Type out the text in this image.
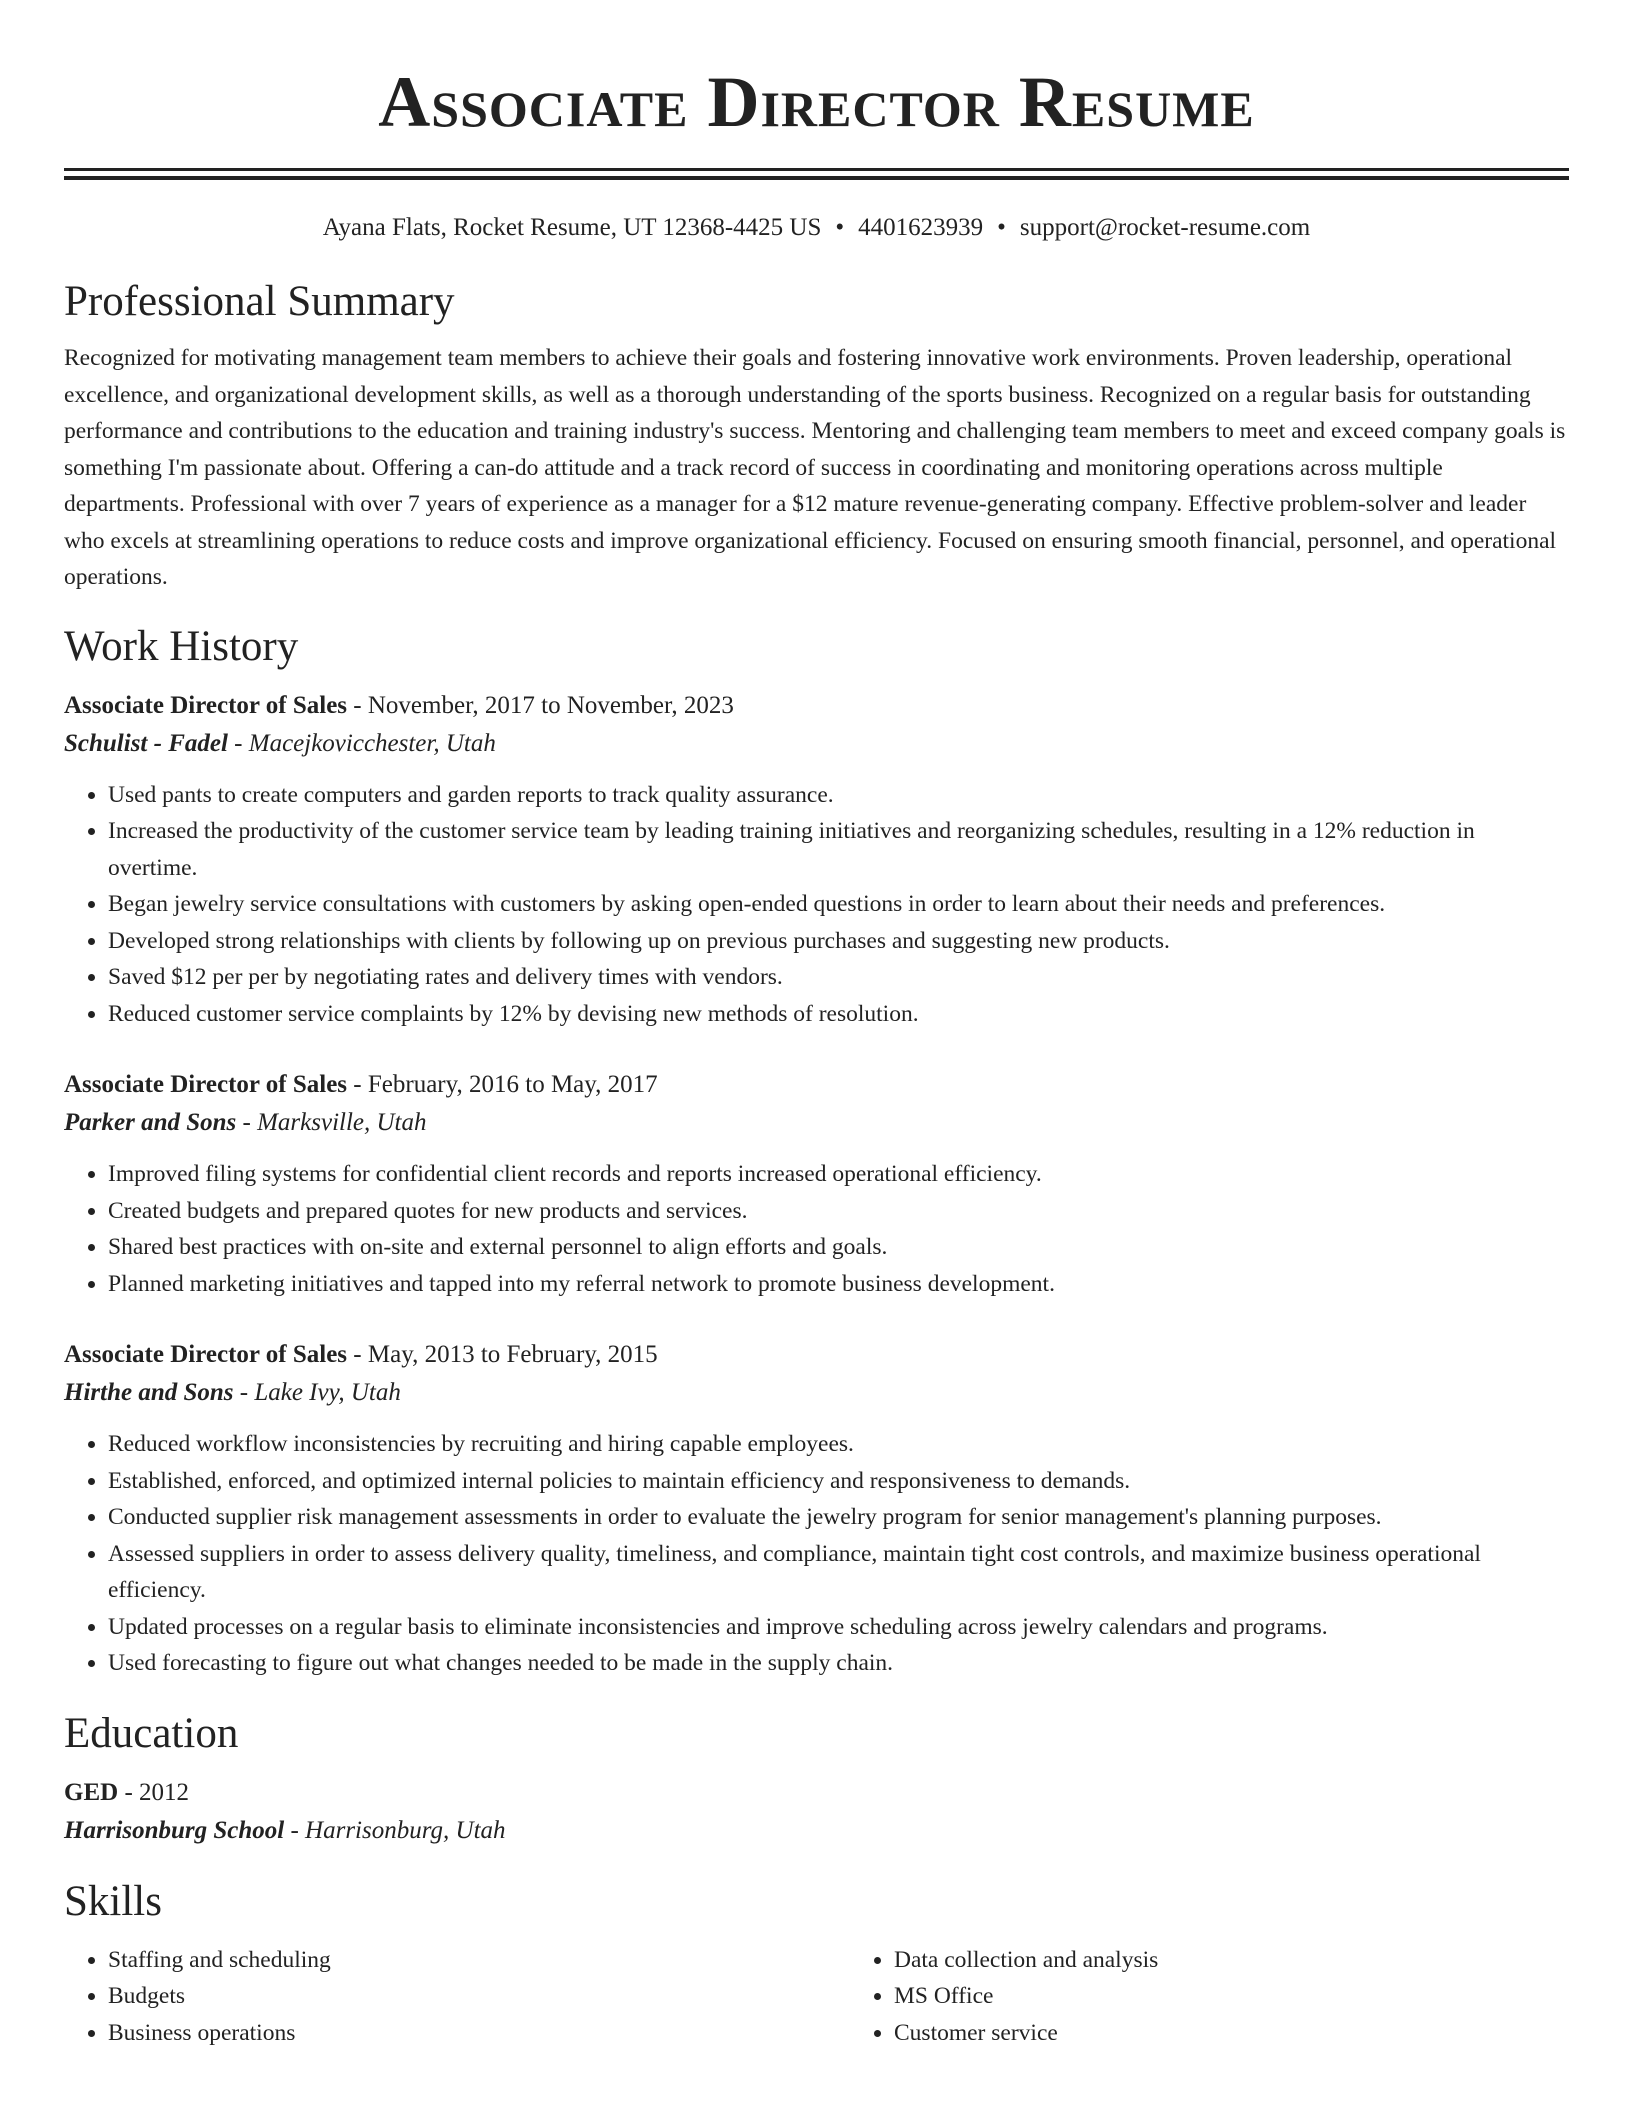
Associate Director Resume
Ayana Flats, Rocket Resume, UT 12368-4425 US • 4401623939 • support@rocket-resume.com
Professional Summary

Recognized for motivating management team members to achieve their goals and fostering innovative work environments. Proven leadership, operational excellence, and organizational development skills, as well as a thorough understanding of the sports business. Recognized on a regular basis for outstanding performance and contributions to the education and training industry's success. Mentoring and challenging team members to meet and exceed company goals is something I'm passionate about. Offering a can-do attitude and a track record of success in coordinating and monitoring operations across multiple departments. Professional with over 7 years of experience as a manager for a $12 mature revenue-generating company. Effective problem-solver and leader who excels at streamlining operations to reduce costs and improve organizational efficiency. Focused on ensuring smooth financial, personnel, and operational operations.

Work History
Associate Director of Sales - November, 2017 to November, 2023
Schulist - Fadel - Macejkovicchester, Utah
• Used pants to create computers and garden reports to track quality assurance.
• Increased the productivity of the customer service team by leading training initiatives and reorganizing schedules, resulting in a 12% reduction in overtime.
• Began jewelry service consultations with customers by asking open-ended questions in order to learn about their needs and preferences.
• Developed strong relationships with clients by following up on previous purchases and suggesting new products.
• Saved $12 per per by negotiating rates and delivery times with vendors.
• Reduced customer service complaints by 12% by devising new methods of resolution.
Associate Director of Sales - February, 2016 to May, 2017
Parker and Sons - Marksville, Utah
• Improved filing systems for confidential client records and reports increased operational efficiency.
• Created budgets and prepared quotes for new products and services.
• Shared best practices with on-site and external personnel to align efforts and goals.
• Planned marketing initiatives and tapped into my referral network to promote business development.
Associate Director of Sales - May, 2013 to February, 2015
Hirthe and Sons - Lake Ivy, Utah
• Reduced workflow inconsistencies by recruiting and hiring capable employees.
• Established, enforced, and optimized internal policies to maintain efficiency and responsiveness to demands.
• Conducted supplier risk management assessments in order to evaluate the jewelry program for senior management's planning purposes.
• Assessed suppliers in order to assess delivery quality, timeliness, and compliance, maintain tight cost controls, and maximize business operational efficiency.
• Updated processes on a regular basis to eliminate inconsistencies and improve scheduling across jewelry calendars and programs.
• Used forecasting to figure out what changes needed to be made in the supply chain.
Education
GED - 2012
Harrisonburg School - Harrisonburg, Utah
Skills
• Staffing and scheduling
• Budgets
• Business operations
• Data collection and analysis
• MS Office
• Customer service
